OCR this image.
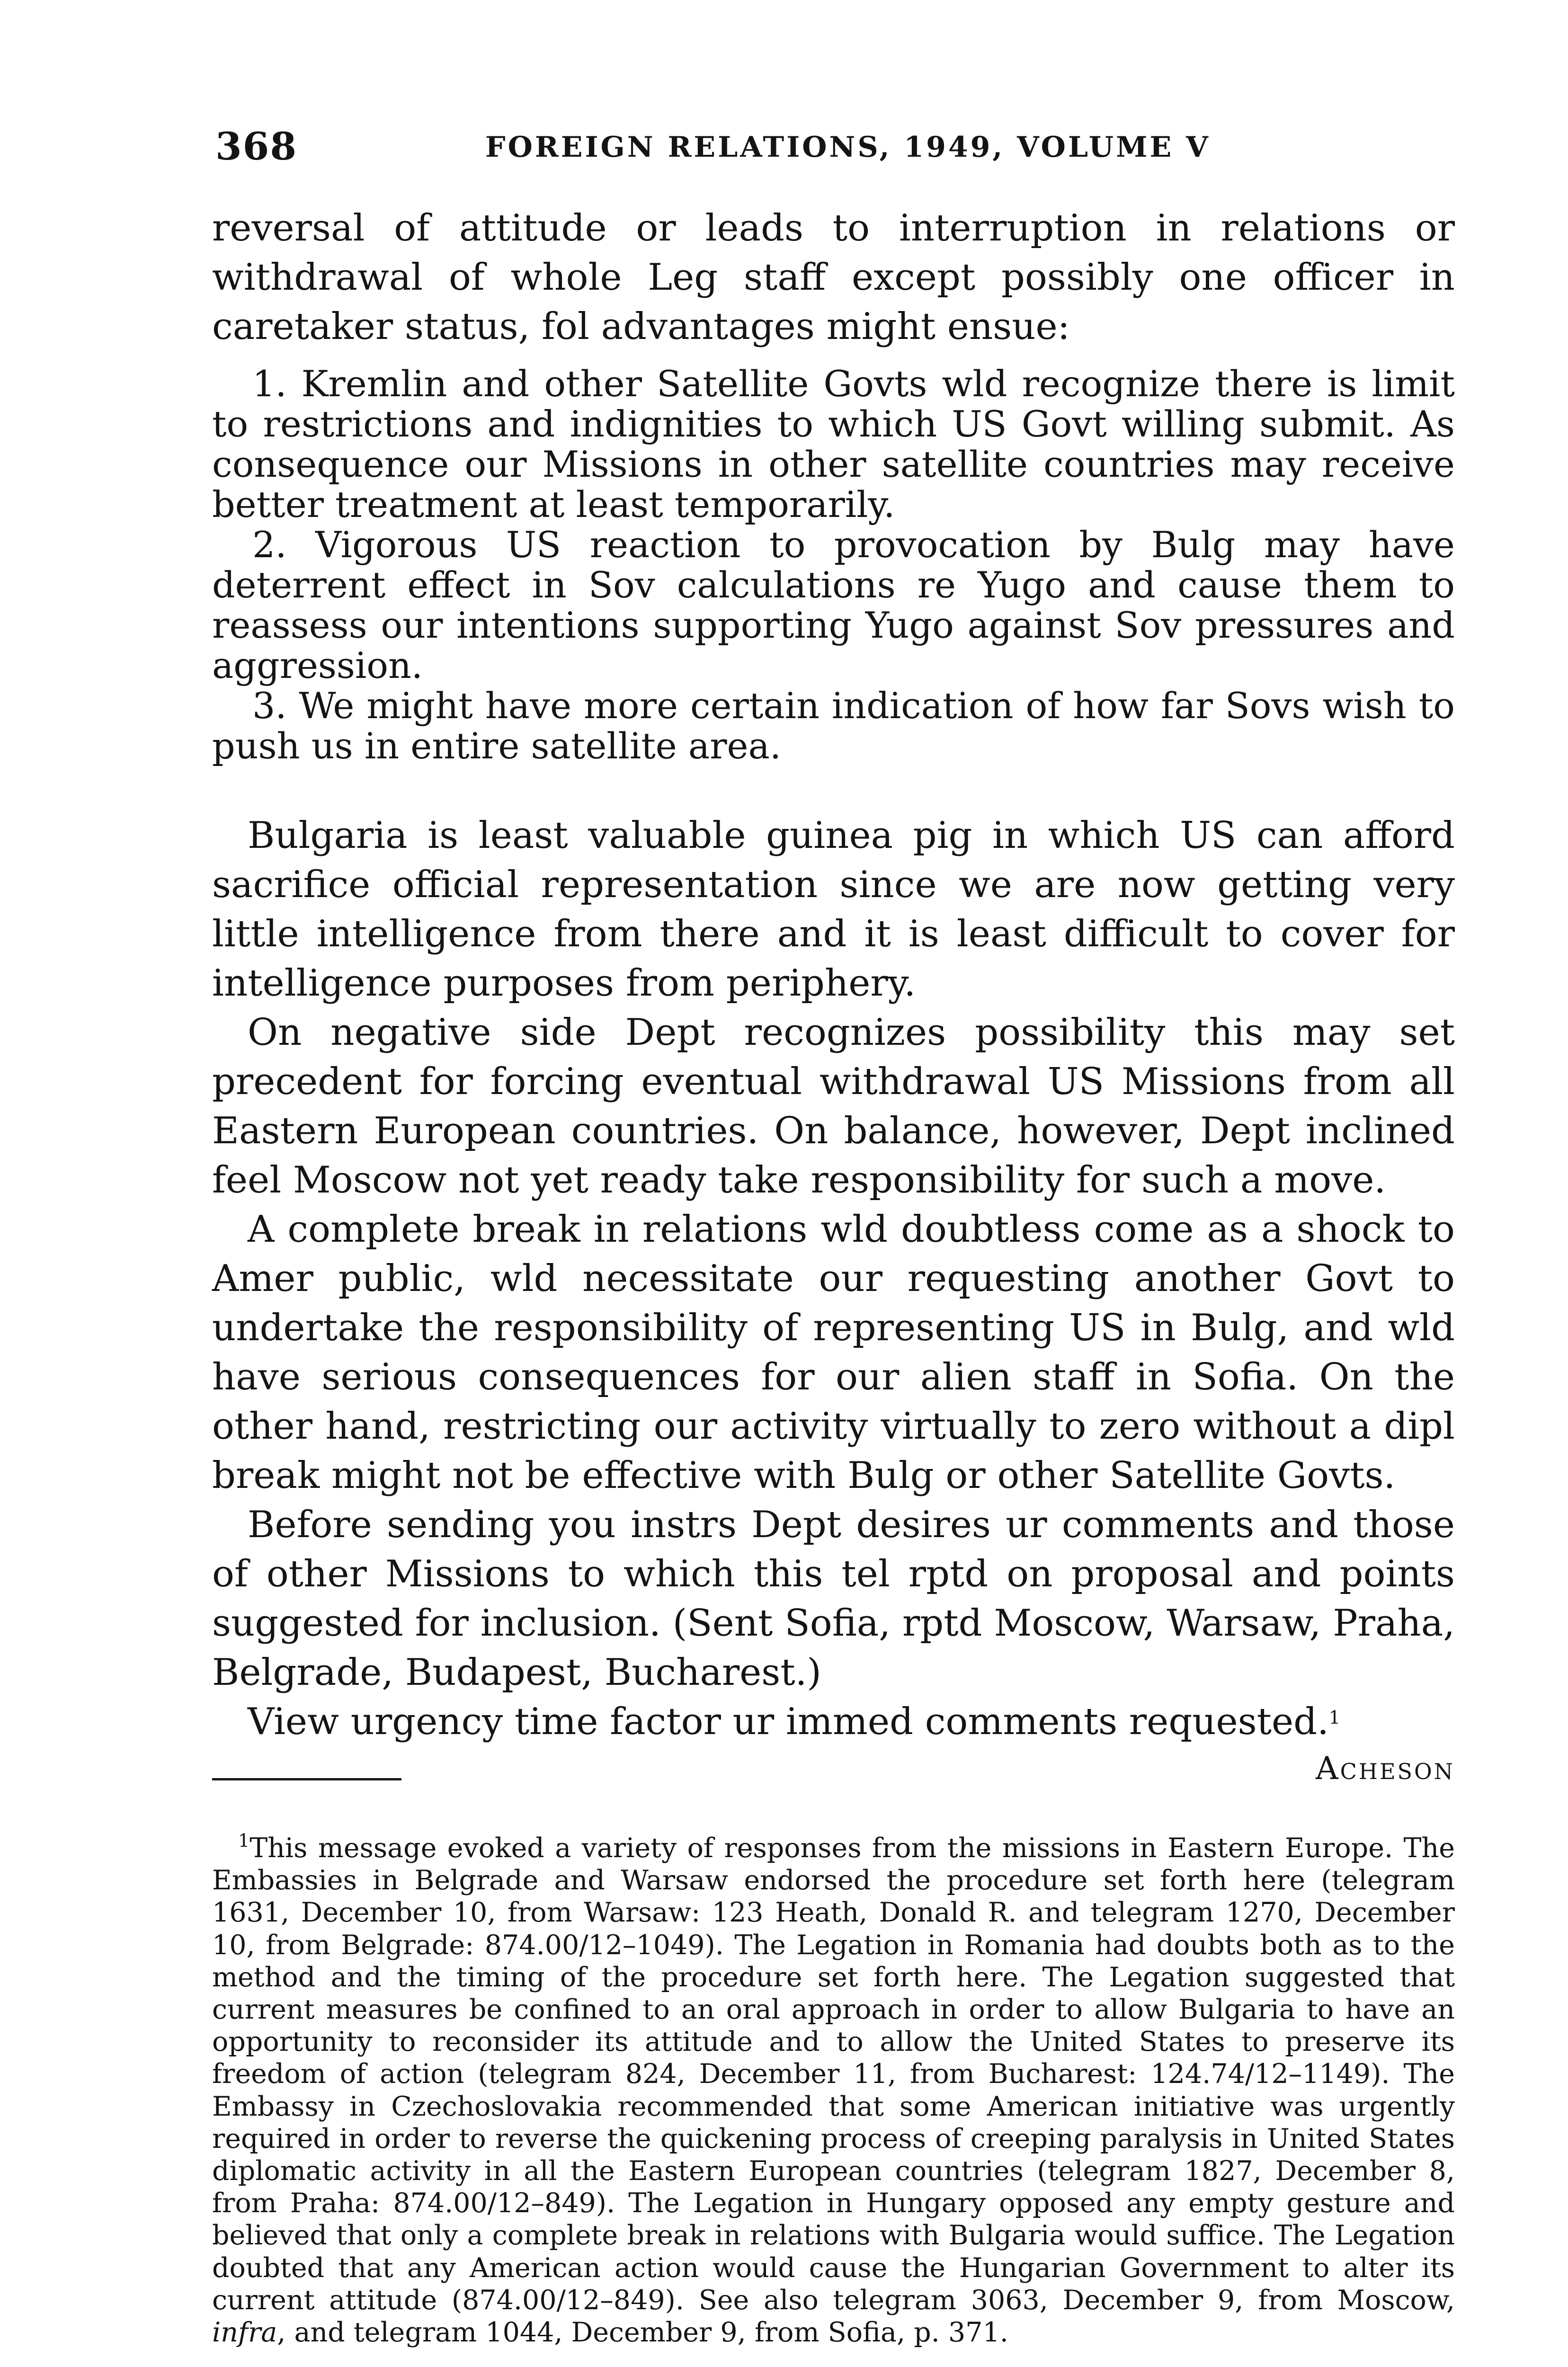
368	FOREIGN RELATIONS, 1949, VOLUME V

reversal of attitude or leads to interruption in relations or withdrawal of whole Leg staff except possibly one officer in caretaker status, fol advantages might ensue:

1. Kremlin and other Satellite Govts wld recognize there is limit to restrictions and indignities to which US Govt willing submit. As consequence our Missions in other satellite countries may receive better treatment at least temporarily.

2. Vigorous US reaction to provocation by Bulg may have deterrent effect in Sov calculations re Yugo and cause them to reassess our intentions supporting Yugo against Sov pressures and aggression.

3. We might have more certain indication of how far Sovs wish to push us in entire satellite area.

Bulgaria is least valuable guinea pig in which US can afford sacrifice official representation since we are now getting very little intelligence from there and it is least difficult to cover for intelligence purposes from periphery.

On negative side Dept recognizes possibility this may set precedent for forcing eventual withdrawal US Missions from all Eastern European countries. On balance, however, Dept inclined feel Moscow not yet ready take responsibility for such a move.

A complete break in relations wld doubtless come as a shock to Amer public, wld necessitate our requesting another Govt to undertake the responsibility of representing US in Bulg, and wld have serious consequences for our alien staff in Sofia. On the other hand, restricting our activity virtually to zero without a dipl break might not be effective with Bulg or other Satellite Govts.

Before sending you instrs Dept desires ur comments and those of other Missions to which this tel rptd on proposal and points suggested for inclusion. (Sent Sofia, rptd Moscow, Warsaw, Praha, Belgrade, Budapest, Bucharest.)

View urgency time factor ur immed comments requested.$^1$

Acheson

$^1$This message evoked a variety of responses from the missions in Eastern Europe. The Embassies in Belgrade and Warsaw endorsed the procedure set forth here (telegram 1631, December 10, from Warsaw: 123 Heath, Donald R. and telegram 1270, December 10, from Belgrade: 874.00/12–1049). The Legation in Romania had doubts both as to the method and the timing of the procedure set forth here. The Legation suggested that current measures be confined to an oral approach in order to allow Bulgaria to have an opportunity to reconsider its attitude and to allow the United States to preserve its freedom of action (telegram 824, December 11, from Bucharest: 124.74/12–1149). The Embassy in Czechoslovakia recommended that some American initiative was urgently required in order to reverse the quickening process of creeping paralysis in United States diplomatic activity in all the Eastern European countries (telegram 1827, December 8, from Praha: 874.00/12–849). The Legation in Hungary opposed any empty gesture and believed that only a complete break in relations with Bulgaria would suffice. The Legation doubted that any American action would cause the Hungarian Government to alter its current attitude (874.00/12–849). See also telegram 3063, December 9, from Moscow, infra, and telegram 1044, December 9, from Sofia, p. 371.
